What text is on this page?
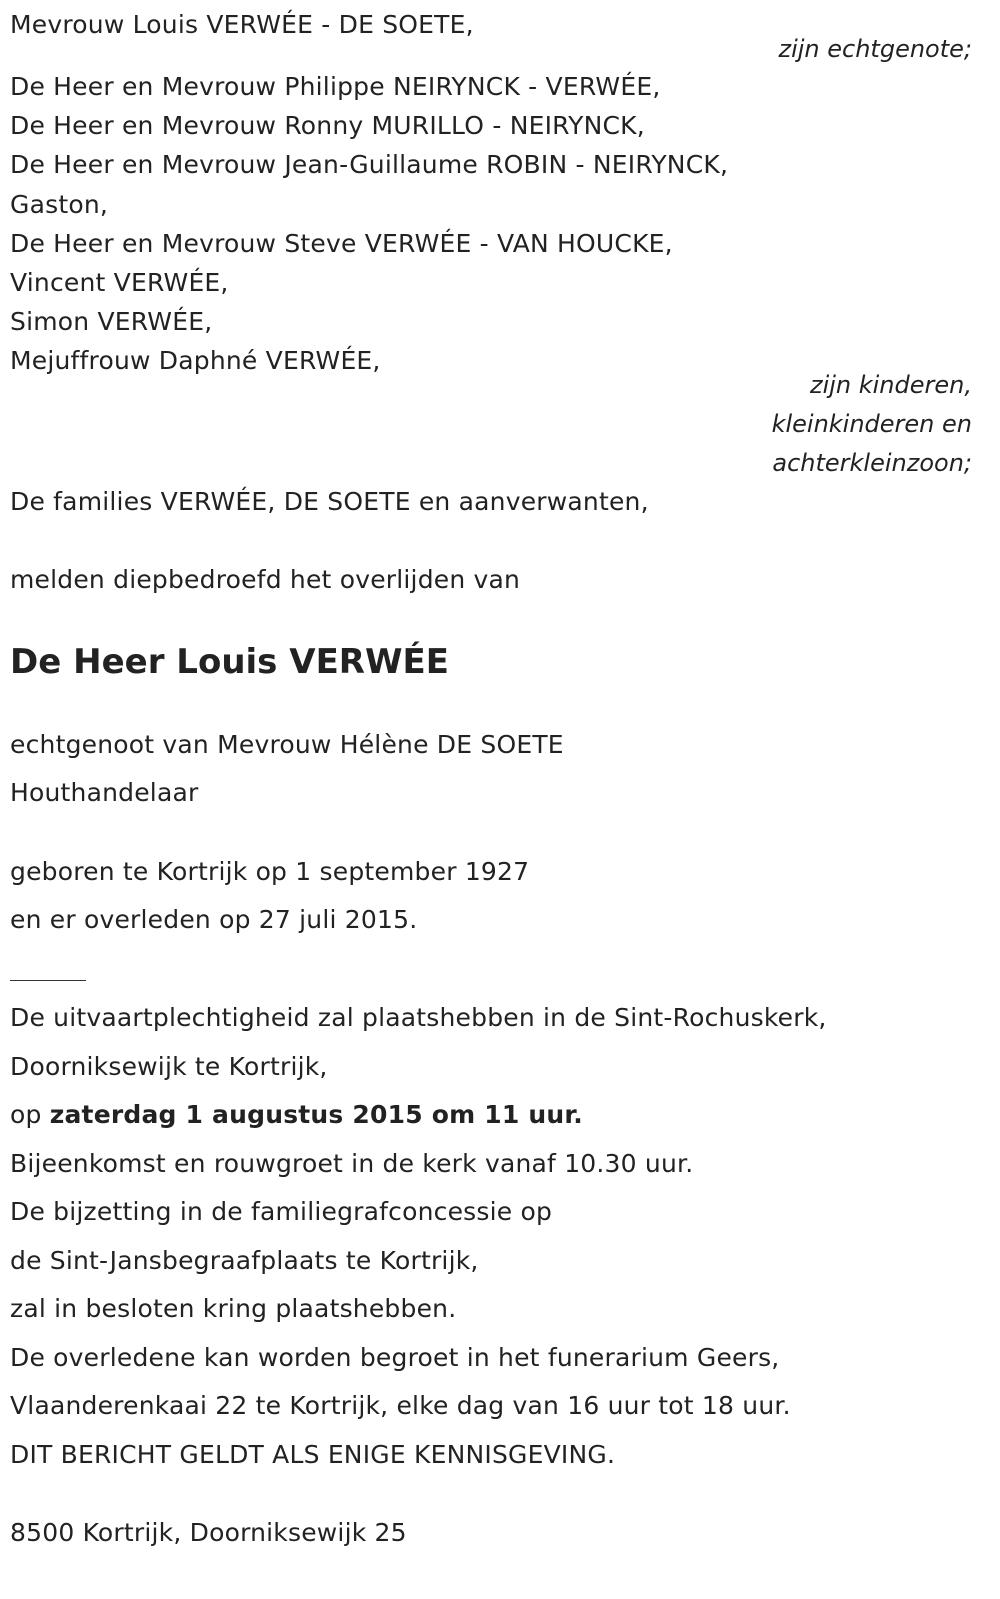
Mevrouw Louis VERWÉE - DE SOETE,
zijn echtgenote;
De Heer en Mevrouw Philippe NEIRYNCK - VERWÉE,
De Heer en Mevrouw Ronny MURILLO - NEIRYNCK,
De Heer en Mevrouw Jean-Guillaume ROBIN - NEIRYNCK,
Gaston,
De Heer en Mevrouw Steve VERWÉE - VAN HOUCKE,
Vincent VERWÉE,
Simon VERWÉE,
Mejuffrouw Daphné VERWÉE,
zijn kinderen,
kleinkinderen en
achterkleinzoon;
De families VERWÉE, DE SOETE en aanverwanten,
melden diepbedroefd het overlijden van
De Heer Louis VERWÉE
echtgenoot van Mevrouw Hélène DE SOETE
Houthandelaar
geboren te Kortrijk op 1 september 1927
en er overleden op 27 juli 2015.
De uitvaartplechtigheid zal plaatshebben in de Sint-Rochuskerk,
Doorniksewijk te Kortrijk,
op zaterdag 1 augustus 2015 om 11 uur.
Bijeenkomst en rouwgroet in de kerk vanaf 10.30 uur.
De bijzetting in de familiegrafconcessie op
de Sint-Jansbegraafplaats te Kortrijk,
zal in besloten kring plaatshebben.
De overledene kan worden begroet in het funerarium Geers,
Vlaanderenkaai 22 te Kortrijk, elke dag van 16 uur tot 18 uur.
DIT BERICHT GELDT ALS ENIGE KENNISGEVING.
8500 Kortrijk, Doorniksewijk 25
